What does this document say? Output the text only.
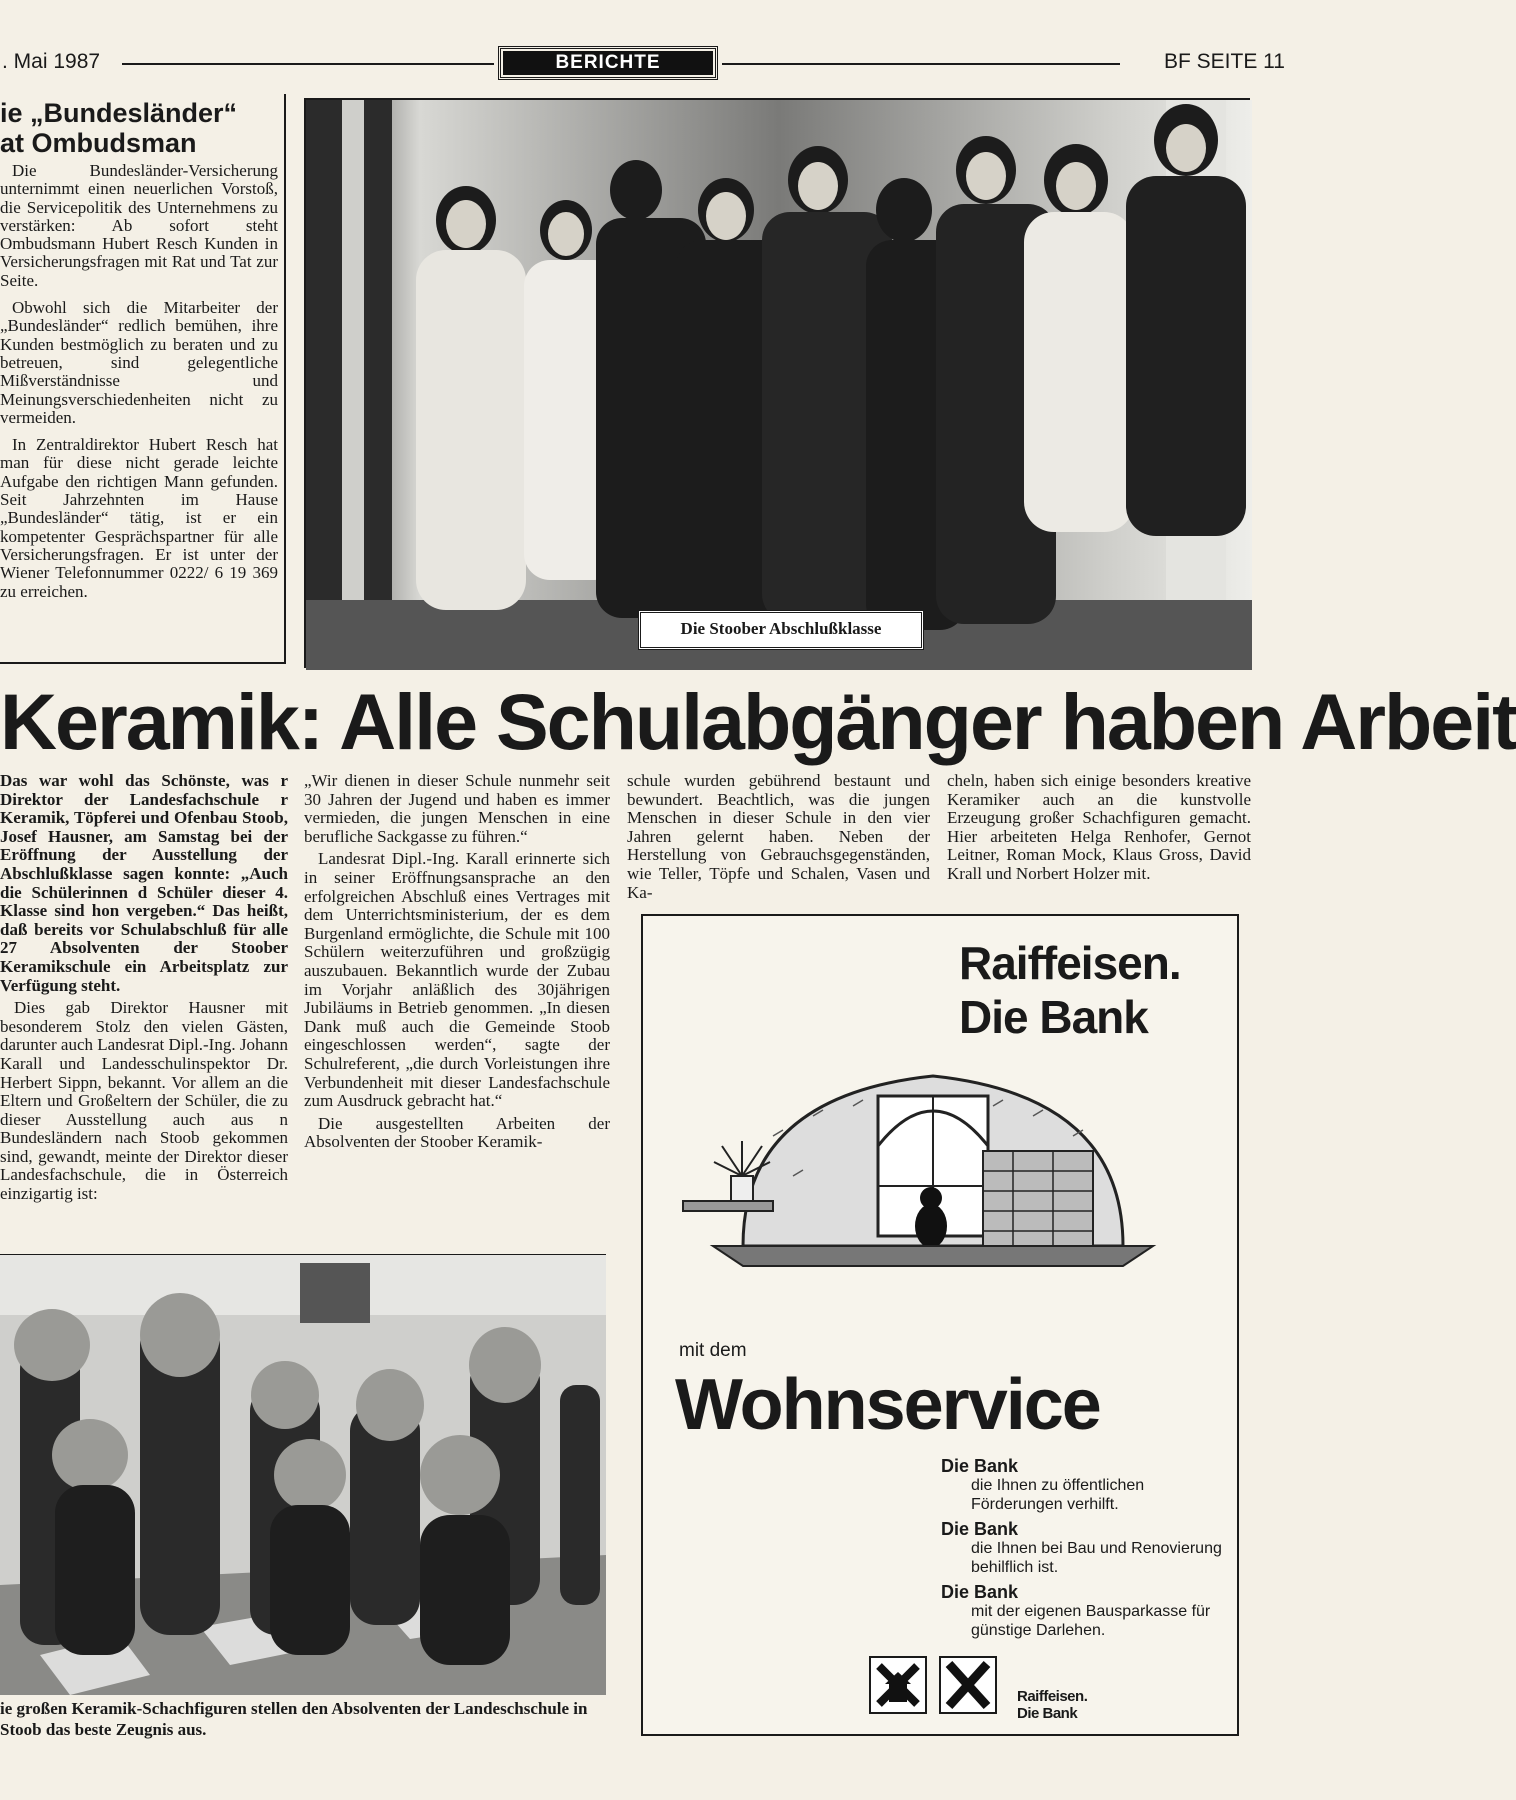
. Mai 1987	BERICHTE	BF SEITE 11
ie „Bundesländer“
at Ombudsman

Die Bundesländer-Versicherung unternimmt einen neuerlichen Vorstoß, die Servicepolitik des Unternehmens zu verstärken: Ab sofort steht Ombudsmann Hubert Resch Kunden in Versicherungsfragen mit Rat und Tat zur Seite.

Obwohl sich die Mitarbeiter der „Bundesländer“ redlich bemühen, ihre Kunden bestmöglich zu beraten und zu betreuen, sind gelegentliche Mißverständnisse und Meinungsverschiedenheiten nicht zu vermeiden.

In Zentraldirektor Hubert Resch hat man für diese nicht gerade leichte Aufgabe den richtigen Mann gefunden. Seit Jahrzehnten im Hause „Bundesländer“ tätig, ist er ein kompetenter Gesprächspartner für alle Versicherungsfragen. Er ist unter der Wiener Telefonnummer 0222/ 6 19 369 zu erreichen.

Die Stoober Abschlußklasse
Keramik: Alle Schulabgänger haben Arbeit

Das war wohl das Schönste, was r Direktor der Landesfachschule r Keramik, Töpferei und Ofenbau Stoob, Josef Hausner, am Samstag bei der Eröffnung der Ausstellung der Abschlußklasse sagen konnte: „Auch die Schülerinnen d Schüler dieser 4. Klasse sind hon vergeben.“ Das heißt, daß bereits vor Schulabschluß für alle 27 Absolventen der Stoober Keramikschule ein Arbeitsplatz zur Verfügung steht.

Dies gab Direktor Hausner mit besonderem Stolz den vielen Gästen, darunter auch Landesrat Dipl.-Ing. Johann Karall und Landesschulinspektor Dr. Herbert Sippn, bekannt. Vor allem an die Eltern und Großeltern der Schüler, die zu dieser Ausstellung auch aus n Bundesländern nach Stoob gekommen sind, gewandt, meinte der Direktor dieser Landesfachschule, die in Österreich einzigartig ist:

„Wir dienen in dieser Schule nunmehr seit 30 Jahren der Jugend und haben es immer vermieden, die jungen Menschen in eine berufliche Sackgasse zu führen.“

Landesrat Dipl.-Ing. Karall erinnerte sich in seiner Eröffnungsansprache an den erfolgreichen Abschluß eines Vertrages mit dem Unterrichtsministerium, der es dem Burgenland ermöglichte, die Schule mit 100 Schülern weiterzuführen und großzügig auszubauen. Bekanntlich wurde der Zubau im Vorjahr anläßlich des 30jährigen Jubiläums in Betrieb genommen. „In diesen Dank muß auch die Gemeinde Stoob eingeschlossen werden“, sagte der Schulreferent, „die durch Vorleistungen ihre Verbundenheit mit dieser Landesfachschule zum Ausdruck gebracht hat.“

Die ausgestellten Arbeiten der Absolventen der Stoober Keramik-

schule wurden gebührend bestaunt und bewundert. Beachtlich, was die jungen Menschen in dieser Schule in den vier Jahren gelernt haben. Neben der Herstellung von Gebrauchsgegenständen, wie Teller, Töpfe und Schalen, Vasen und Ka-

cheln, haben sich einige besonders kreative Keramiker auch an die kunstvolle Erzeugung großer Schachfiguren gemacht. Hier arbeiteten Helga Renhofer, Gernot Leitner, Roman Mock, Klaus Gross, David Krall und Norbert Holzer mit.

ie großen Keramik-Schachfiguren stellen den Absolventen der Landeschschule in Stoob das beste Zeugnis aus.
Raiffeisen.
Die Bank
mit dem
Wohnservice
Die Bank
die Ihnen zu öffentlichen Förderungen verhilft.
Die Bank
die Ihnen bei Bau und Renovierung behilflich ist.
Die Bank
mit der eigenen Bausparkasse für günstige Darlehen.
Raiffeisen.
Die Bank
